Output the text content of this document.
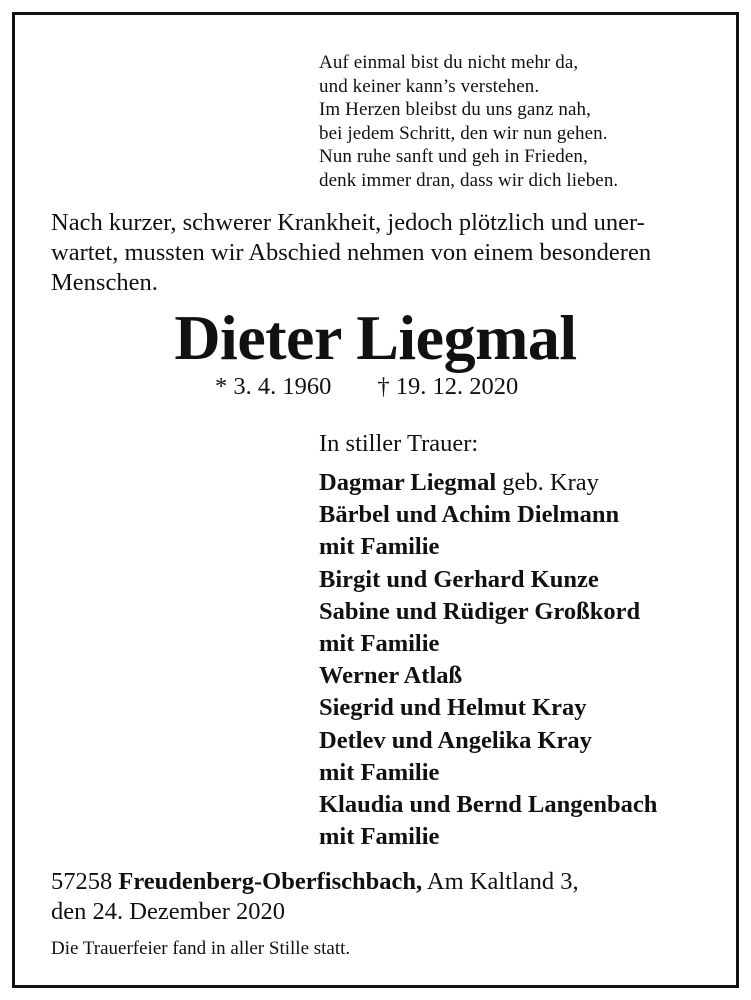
Auf einmal bist du nicht mehr da,
und keiner kann’s verstehen.
Im Herzen bleibst du uns ganz nah,
bei jedem Schritt, den wir nun gehen.
Nun ruhe sanft und geh in Frieden,
denk immer dran, dass wir dich lieben.
Nach kurzer, schwerer Krankheit, jedoch plötzlich und uner-
wartet, mussten wir Abschied nehmen von einem besonderen
Menschen.
Dieter Liegmal
* 3. 4. 1960 † 19. 12. 2020
In stiller Trauer:
Dagmar Liegmal geb. Kray
Bärbel und Achim Dielmann
mit Familie
Birgit und Gerhard Kunze
Sabine und Rüdiger Großkord
mit Familie
Werner Atlaß
Siegrid und Helmut Kray
Detlev und Angelika Kray
mit Familie
Klaudia und Bernd Langenbach
mit Familie
57258 Freudenberg-Oberfischbach, Am Kaltland 3,
den 24. Dezember 2020
Die Trauerfeier fand in aller Stille statt.
